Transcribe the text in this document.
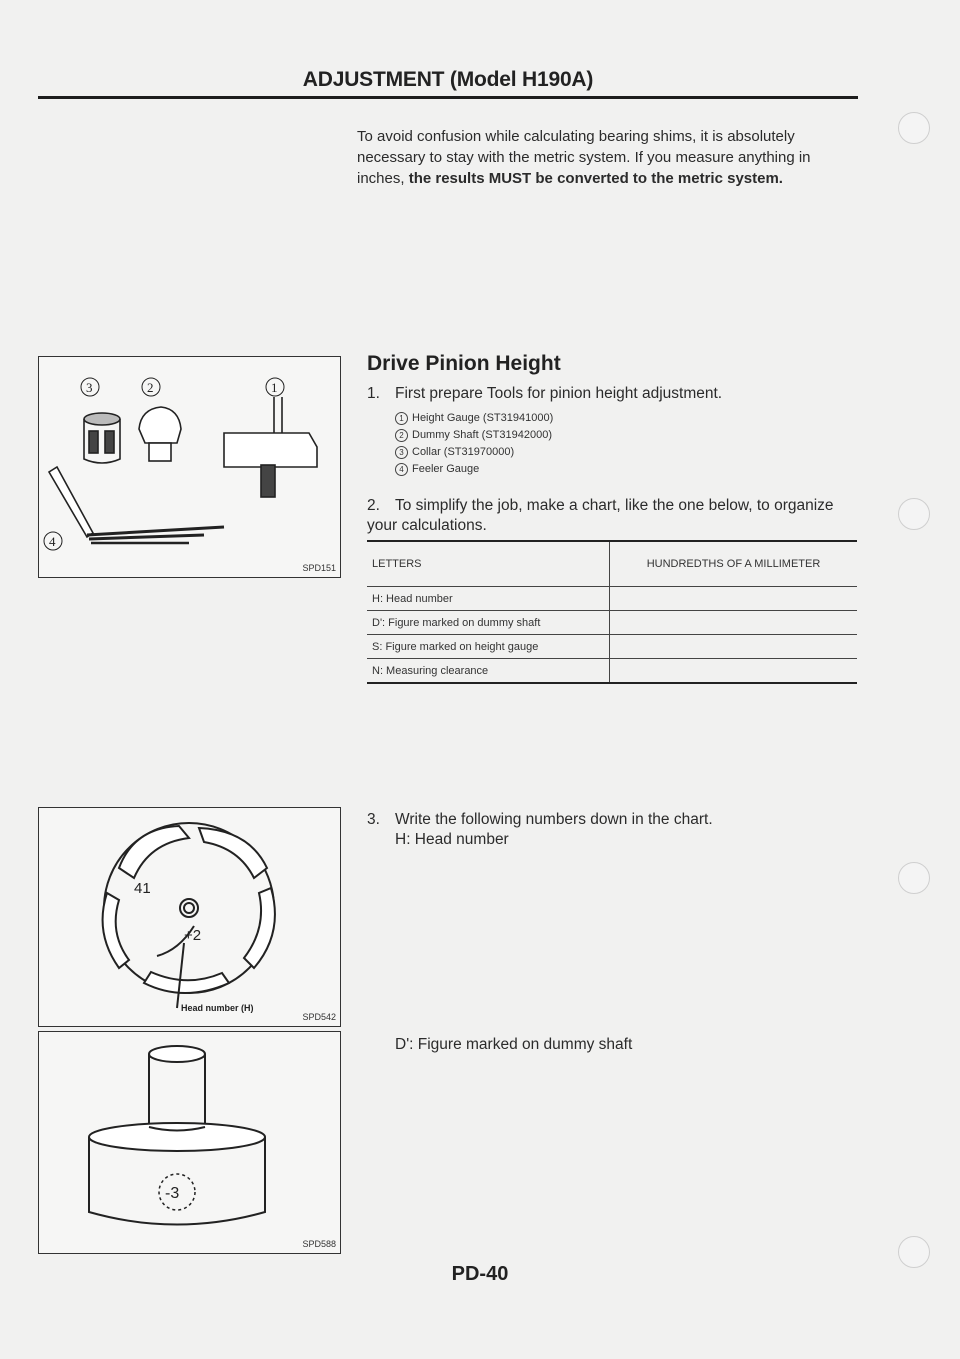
ADJUSTMENT (Model H190A)
To avoid confusion while calculating bearing shims, it is absolutely necessary to stay with the metric system. If you measure anything in inches, the results MUST be converted to the metric system.
3	2	1
4
SPD151
Drive Pinion Height
1. First prepare Tools for pinion height adjustment.
1 Height Gauge (ST31941000)
2 Dummy Shaft (ST31942000)
3 Collar (ST31970000)
4 Feeler Gauge
2. To simplify the job, make a chart, like the one below, to organize your calculations.
LETTERS	HUNDREDTHS OF A MILLIMETER
H: Head number	
D': Figure marked on dummy shaft	
S: Figure marked on height gauge	
N: Measuring clearance	
41
+2
Head number (H)
SPD542
3. Write the following numbers down in the chart.
H: Head number
-3
SPD588
D': Figure marked on dummy shaft
PD-40
